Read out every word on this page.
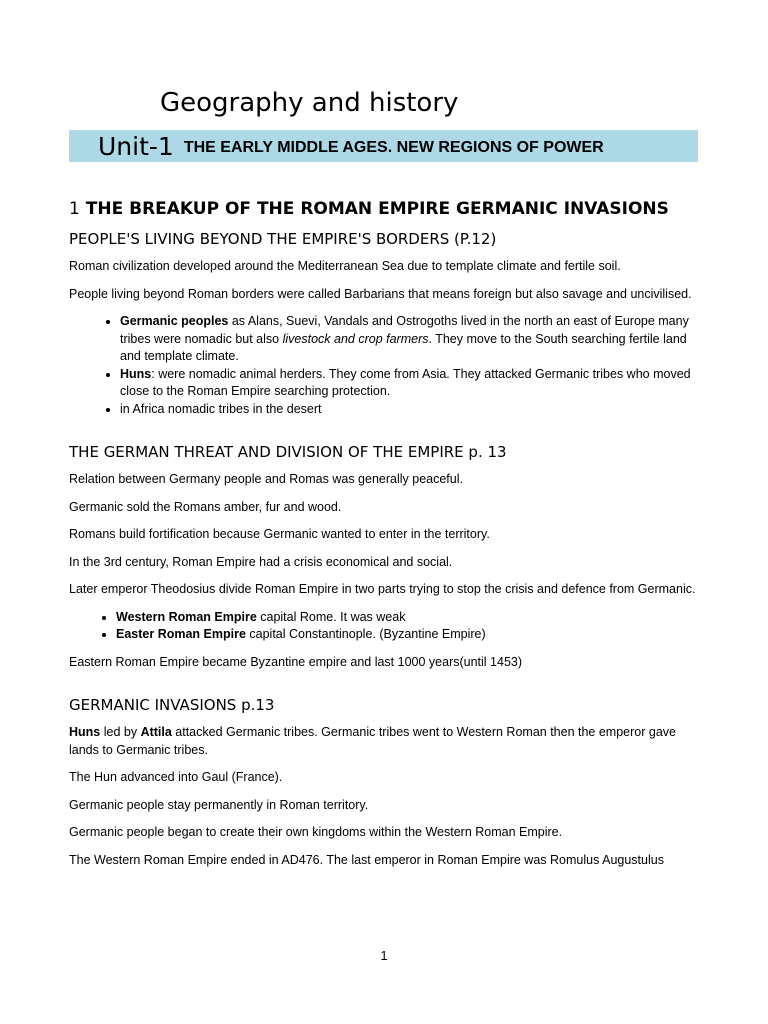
Geography and history
Unit-1 THE EARLY MIDDLE AGES. NEW REGIONS OF POWER
1 THE BREAKUP OF THE ROMAN EMPIRE GERMANIC INVASIONS
PEOPLE'S LIVING BEYOND THE EMPIRE'S BORDERS (P.12)

Roman civilization developed around the Mediterranean Sea due to template climate and fertile soil.

People living beyond Roman borders were called Barbarians that means foreign but also savage and uncivilised.

• Germanic peoples as Alans, Suevi, Vandals and Ostrogoths lived in the north an east of Europe many tribes were nomadic but also livestock and crop farmers. They move to the South searching fertile land and template climate.
• Huns: were nomadic animal herders. They come from Asia. They attacked Germanic tribes who moved close to the Roman Empire searching protection.
• in Africa nomadic tribes in the desert
THE GERMAN THREAT AND DIVISION OF THE EMPIRE p. 13

Relation between Germany people and Romas was generally peaceful.

Germanic sold the Romans amber, fur and wood.

Romans build fortification because Germanic wanted to enter in the territory.

In the 3rd century, Roman Empire had a crisis economical and social.

Later emperor Theodosius divide Roman Empire in two parts trying to stop the crisis and defence from Germanic.

• Western Roman Empire capital Rome. It was weak
• Easter Roman Empire capital Constantinople. (Byzantine Empire)

Eastern Roman Empire became Byzantine empire and last 1000 years(until 1453)

GERMANIC INVASIONS p.13

Huns led by Attila attacked Germanic tribes. Germanic tribes went to Western Roman then the emperor gave lands to Germanic tribes.

The Hun advanced into Gaul (France).

Germanic people stay permanently in Roman territory.

Germanic people began to create their own kingdoms within the Western Roman Empire.

The Western Roman Empire ended in AD476. The last emperor in Roman Empire was Romulus Augustulus

1
